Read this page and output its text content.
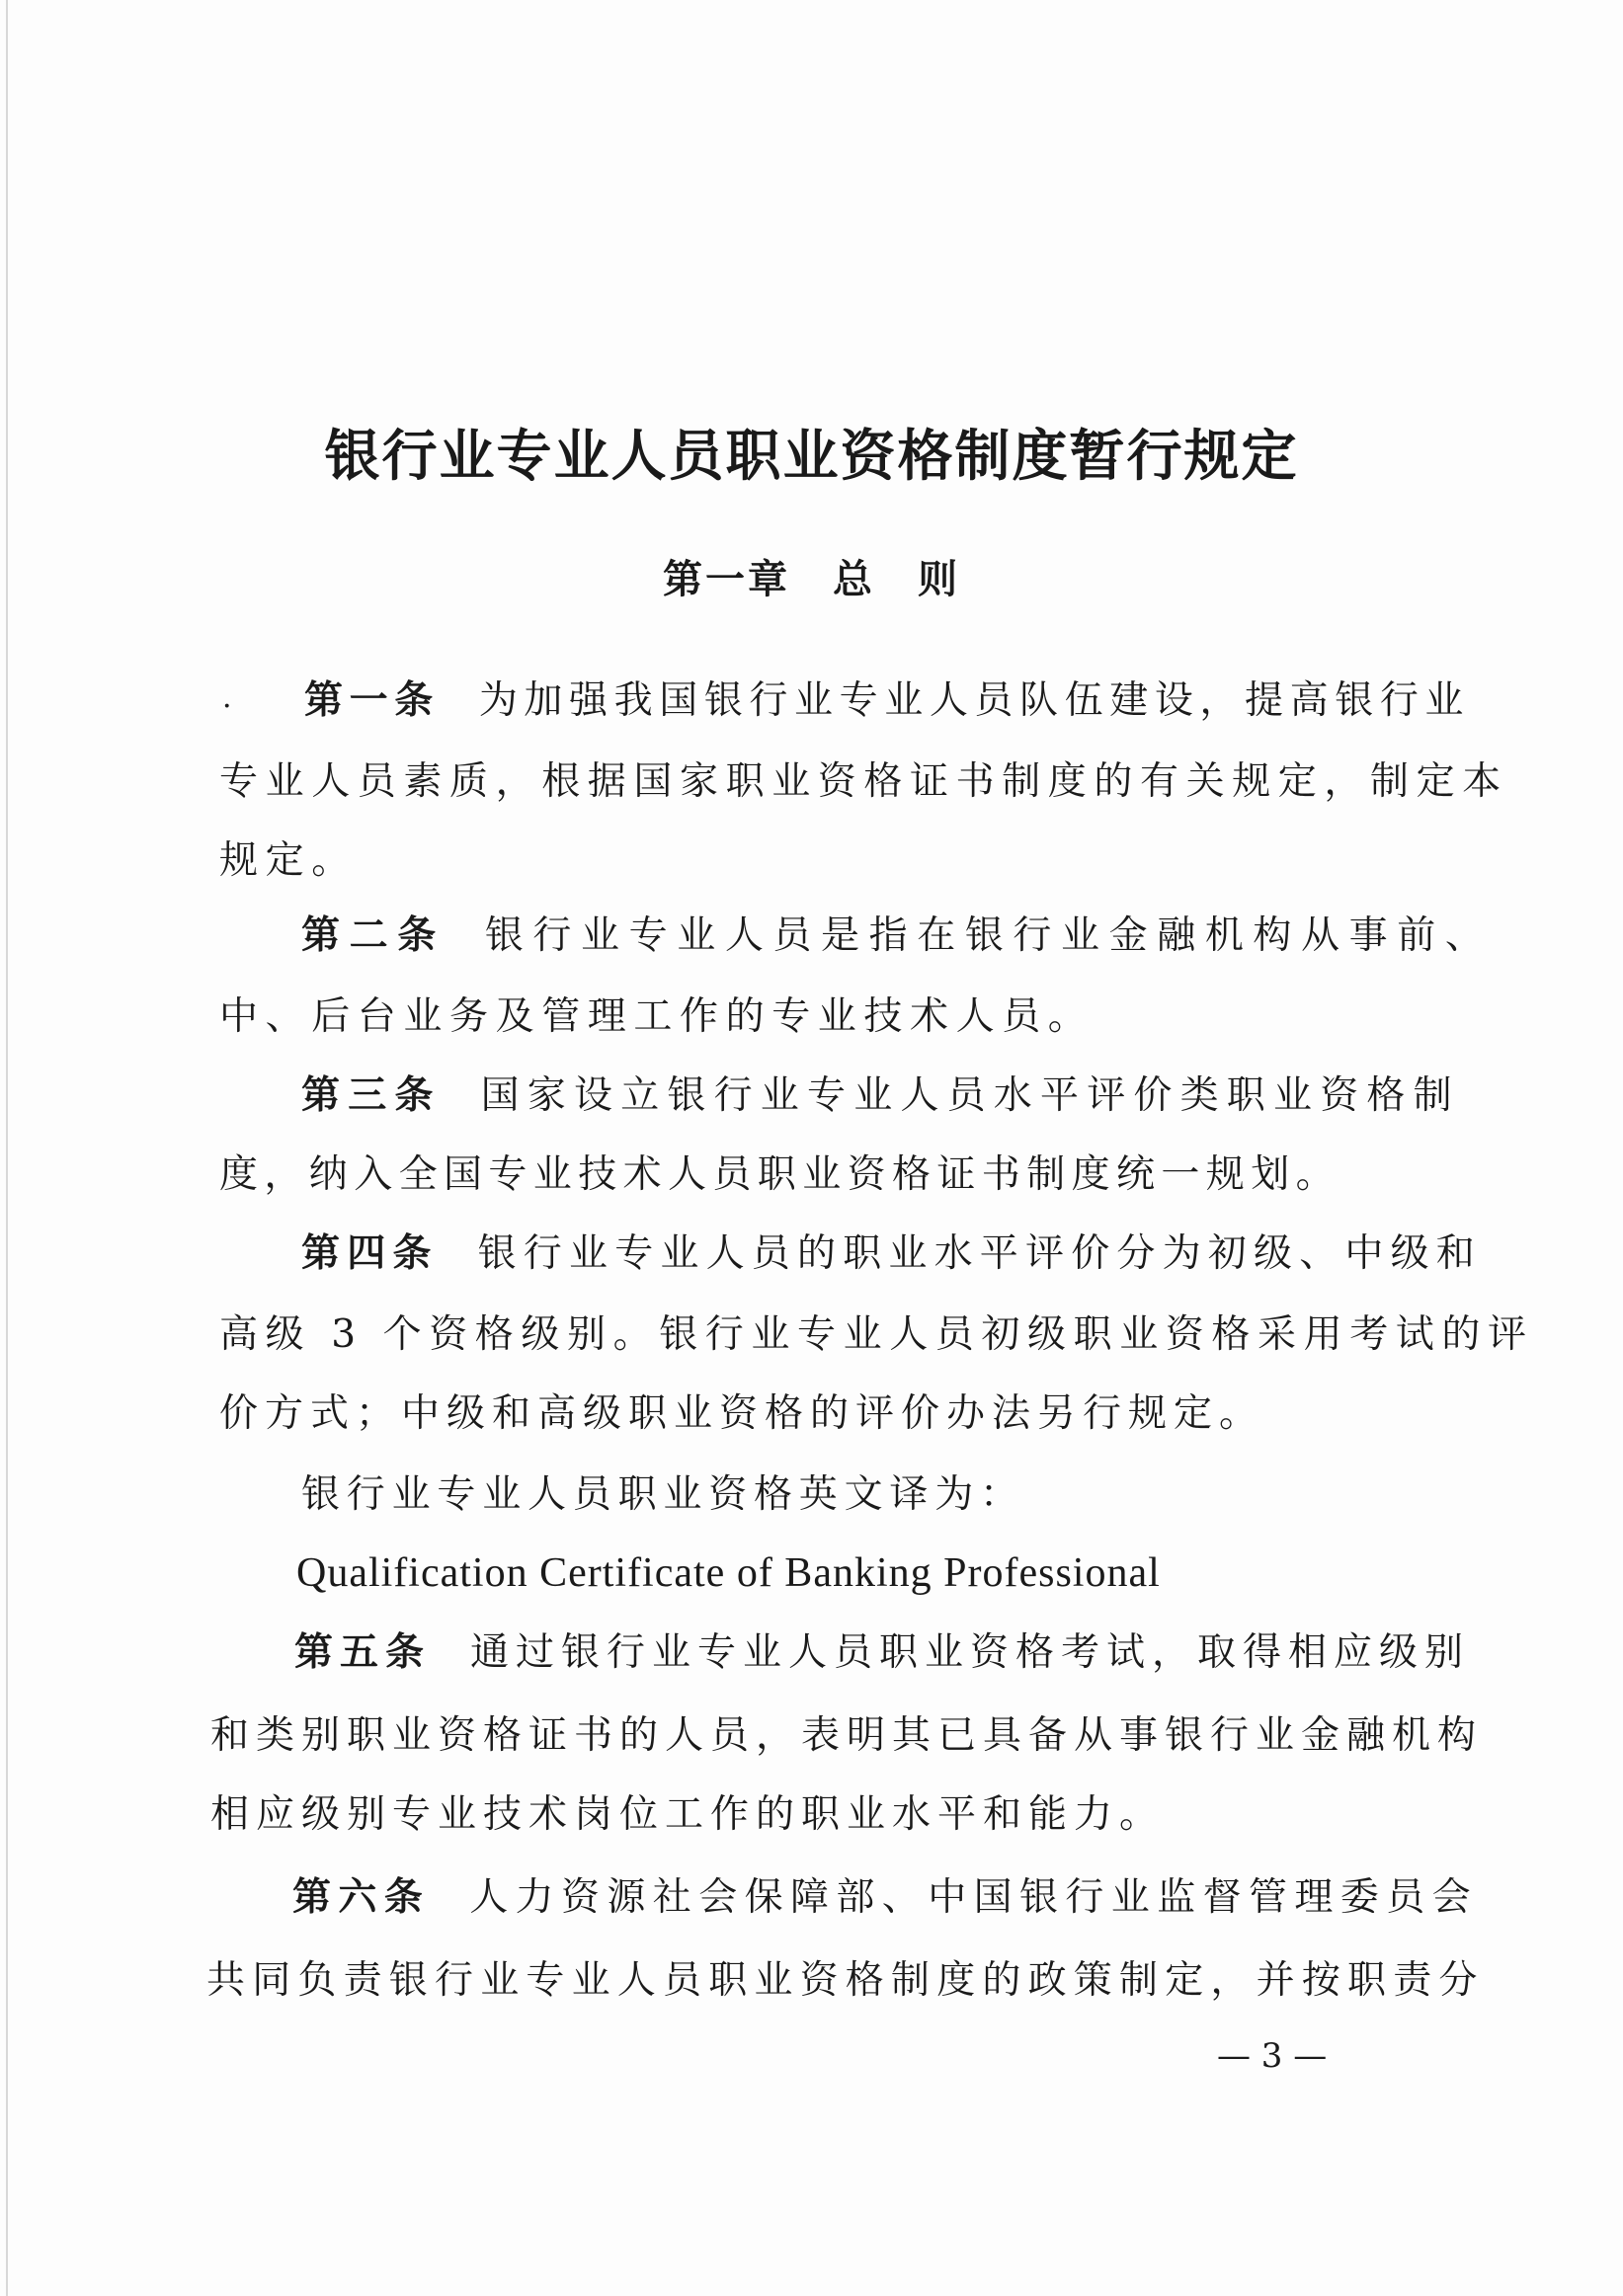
银行业专业人员职业资格制度暂行规定
第一章　总　则
· 第一条 为加强我国银行业专业人员队伍建设，提高银行业
专业人员素质，根据国家职业资格证书制度的有关规定，制定本
规定。
第二条 银行业专业人员是指在银行业金融机构从事前、
中、后台业务及管理工作的专业技术人员。
第三条 国家设立银行业专业人员水平评价类职业资格制
度，纳入全国专业技术人员职业资格证书制度统一规划。
第四条 银行业专业人员的职业水平评价分为初级、中级和
高级 3 个资格级别。银行业专业人员初级职业资格采用考试的评
价方式；中级和高级职业资格的评价办法另行规定。
银行业专业人员职业资格英文译为：
Qualification Certificate of Banking Professional
第五条 通过银行业专业人员职业资格考试，取得相应级别
和类别职业资格证书的人员，表明其已具备从事银行业金融机构
相应级别专业技术岗位工作的职业水平和能力。
第六条 人力资源社会保障部、中国银行业监督管理委员会
共同负责银行业专业人员职业资格制度的政策制定，并按职责分
— 3 —
